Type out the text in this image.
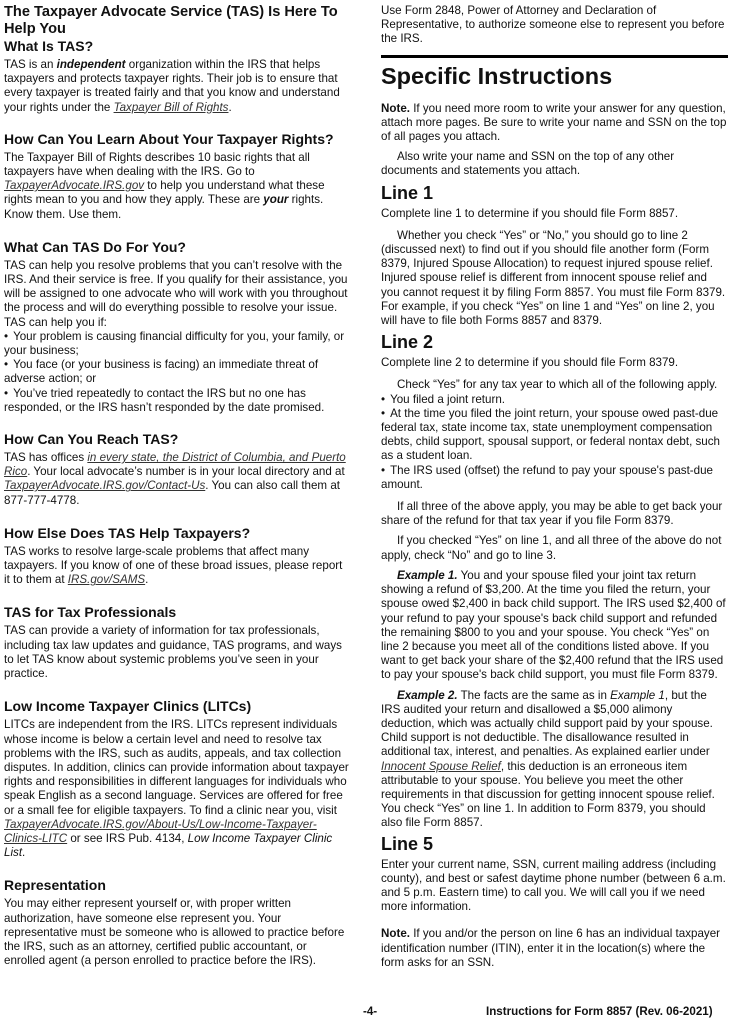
The Taxpayer Advocate Service (TAS) Is Here To Help You
What Is TAS?

TAS is an independent organization within the IRS that helps taxpayers and protects taxpayer rights. Their job is to ensure that every taxpayer is treated fairly and that you know and understand your rights under the Taxpayer Bill of Rights.

How Can You Learn About Your Taxpayer Rights?

The Taxpayer Bill of Rights describes 10 basic rights that all taxpayers have when dealing with the IRS. Go to TaxpayerAdvocate.IRS.gov to help you understand what these rights mean to you and how they apply. These are your rights. Know them. Use them.

What Can TAS Do For You?

TAS can help you resolve problems that you can’t resolve with the IRS. And their service is free. If you qualify for their assistance, you will be assigned to one advocate who will work with you throughout the process and will do everything possible to resolve your issue. TAS can help you if:

• Your problem is causing financial difficulty for you, your family, or your business;
• You face (or your business is facing) an immediate threat of adverse action; or
• You’ve tried repeatedly to contact the IRS but no one has responded, or the IRS hasn’t responded by the date promised.
How Can You Reach TAS?

TAS has offices in every state, the District of Columbia, and Puerto Rico. Your local advocate’s number is in your local directory and at TaxpayerAdvocate.IRS.gov/Contact-Us. You can also call them at 877-777-4778.

How Else Does TAS Help Taxpayers?

TAS works to resolve large-scale problems that affect many taxpayers. If you know of one of these broad issues, please report it to them at IRS.gov/SAMS.

TAS for Tax Professionals

TAS can provide a variety of information for tax professionals, including tax law updates and guidance, TAS programs, and ways to let TAS know about systemic problems you’ve seen in your practice.

Low Income Taxpayer Clinics (LITCs)

LITCs are independent from the IRS. LITCs represent individuals whose income is below a certain level and need to resolve tax problems with the IRS, such as audits, appeals, and tax collection disputes. In addition, clinics can provide information about taxpayer rights and responsibilities in different languages for individuals who speak English as a second language. Services are offered for free or a small fee for eligible taxpayers. To find a clinic near you, visit TaxpayerAdvocate.IRS.gov/About-Us/Low-Income-Taxpayer-Clinics-LITC or see IRS Pub. 4134, Low Income Taxpayer Clinic List.

Representation

You may either represent yourself or, with proper written authorization, have someone else represent you. Your representative must be someone who is allowed to practice before the IRS, such as an attorney, certified public accountant, or enrolled agent (a person enrolled to practice before the IRS).

Use Form 2848, Power of Attorney and Declaration of Representative, to authorize someone else to represent you before the IRS.

Specific Instructions

Note. If you need more room to write your answer for any question, attach more pages. Be sure to write your name and SSN on the top of all pages you attach.

Also write your name and SSN on the top of any other documents and statements you attach.

Line 1

Complete line 1 to determine if you should file Form 8857.

Whether you check “Yes” or “No,” you should go to line 2 (discussed next) to find out if you should file another form (Form 8379, Injured Spouse Allocation) to request injured spouse relief. Injured spouse relief is different from innocent spouse relief and you cannot request it by filing Form 8857. You must file Form 8379. For example, if you check “Yes” on line 1 and “Yes” on line 2, you will have to file both Forms 8857 and 8379.

Line 2

Complete line 2 to determine if you should file Form 8379.

Check “Yes” for any tax year to which all of the following apply.

• You filed a joint return.
• At the time you filed the joint return, your spouse owed past-due federal tax, state income tax, state unemployment compensation debts, child support, spousal support, or federal nontax debt, such as a student loan.
• The IRS used (offset) the refund to pay your spouse's past-due amount.

If all three of the above apply, you may be able to get back your share of the refund for that tax year if you file Form 8379.

If you checked “Yes” on line 1, and all three of the above do not apply, check “No” and go to line 3.

Example 1. You and your spouse filed your joint tax return showing a refund of $3,200. At the time you filed the return, your spouse owed $2,400 in back child support. The IRS used $2,400 of your refund to pay your spouse's back child support and refunded the remaining $800 to you and your spouse. You check “Yes” on line 2 because you meet all of the conditions listed above. If you want to get back your share of the $2,400 refund that the IRS used to pay your spouse's back child support, you must file Form 8379.

Example 2. The facts are the same as in Example 1, but the IRS audited your return and disallowed a $5,000 alimony deduction, which was actually child support paid by your spouse. Child support is not deductible. The disallowance resulted in additional tax, interest, and penalties. As explained earlier under Innocent Spouse Relief, this deduction is an erroneous item attributable to your spouse. You believe you meet the other requirements in that discussion for getting innocent spouse relief. You check “Yes” on line 1. In addition to Form 8379, you should also file Form 8857.

Line 5

Enter your current name, SSN, current mailing address (including county), and best or safest daytime phone number (between 6 a.m. and 5 p.m. Eastern time) to call you. We will call you if we need more information.

Note. If you and/or the person on line 6 has an individual taxpayer identification number (ITIN), enter it in the location(s) where the form asks for an SSN.

-4-	Instructions for Form 8857 (Rev. 06-2021)
